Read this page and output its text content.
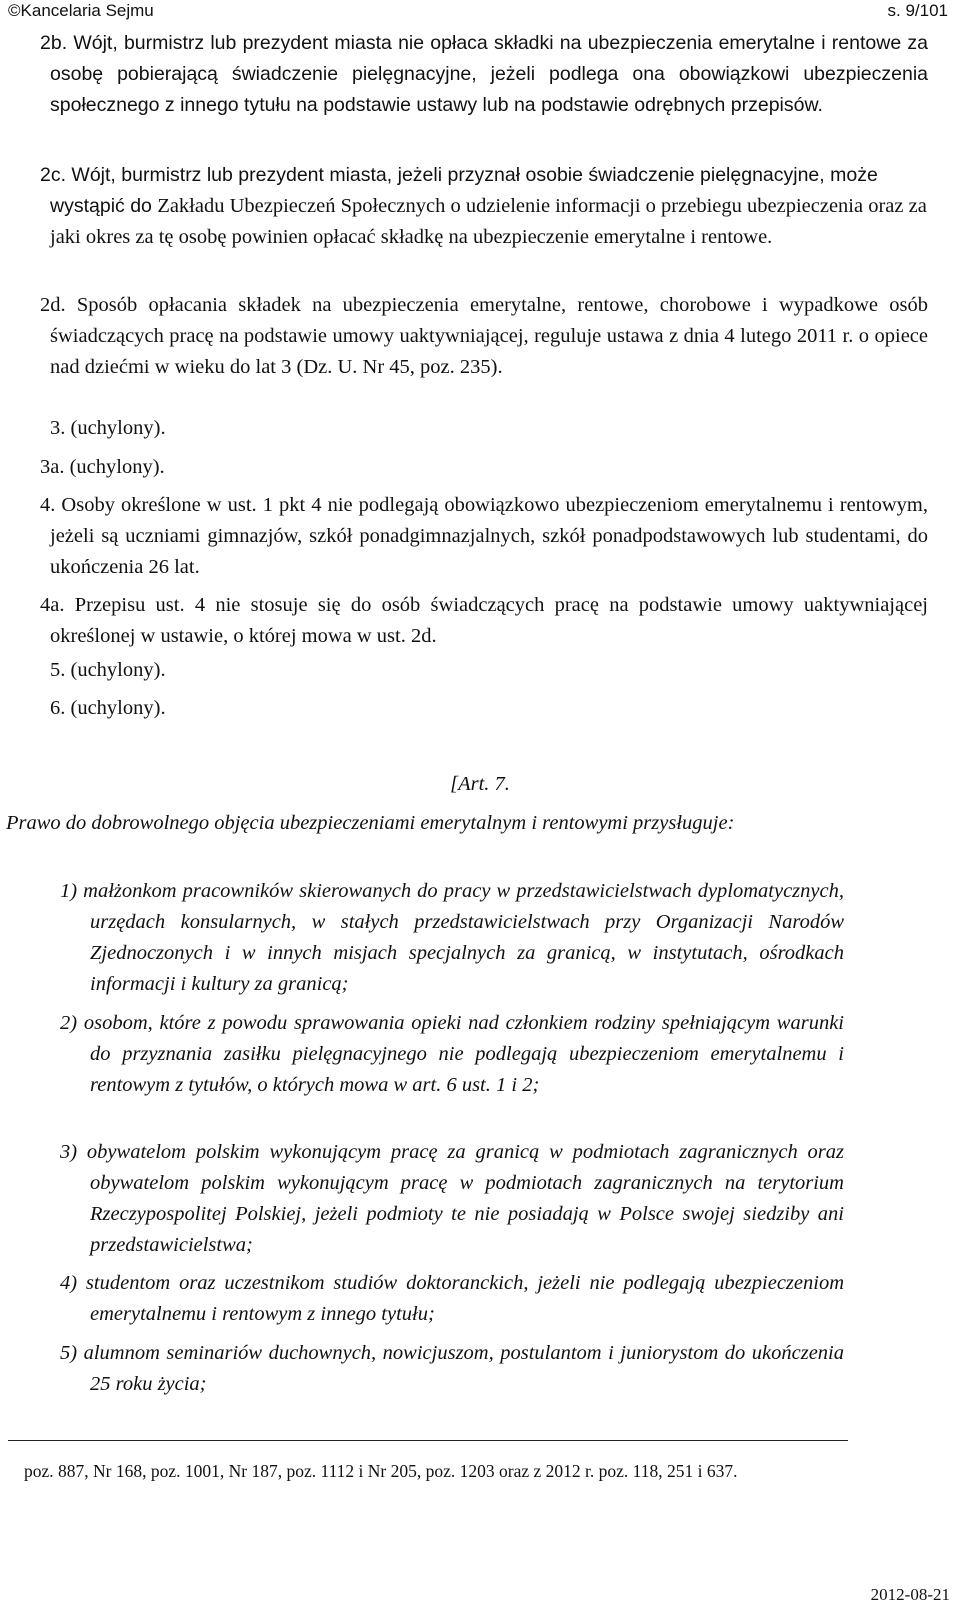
©Kancelaria Sejmu	s. 9/101

2b. Wójt, burmistrz lub prezydent miasta nie opłaca składki na ubezpieczenia emerytalne i rentowe za osobę pobierającą świadczenie pielęgnacyjne, jeżeli podlega ona obowiązkowi ubezpieczenia społecznego z innego tytułu na podstawie ustawy lub na podstawie odrębnych przepisów.

2c. Wójt, burmistrz lub prezydent miasta, jeżeli przyznał osobie świadczenie pielęgnacyjne, może wystąpić do Zakładu Ubezpieczeń Społecznych o udzielenie informacji o przebiegu ubezpieczenia oraz za jaki okres za tę osobę powinien opłacać składkę na ubezpieczenie emerytalne i rentowe.

2d. Sposób opłacania składek na ubezpieczenia emerytalne, rentowe, chorobowe i wypadkowe osób świadczących pracę na podstawie umowy uaktywniającej, reguluje ustawa z dnia 4 lutego 2011 r. o opiece nad dziećmi w wieku do lat 3 (Dz. U. Nr 45, poz. 235).

3. (uchylony).

3a. (uchylony).

4. Osoby określone w ust. 1 pkt 4 nie podlegają obowiązkowo ubezpieczeniom emerytalnemu i rentowym, jeżeli są uczniami gimnazjów, szkół ponadgimnazjalnych, szkół ponadpodstawowych lub studentami, do ukończenia 26 lat.

4a. Przepisu ust. 4 nie stosuje się do osób świadczących pracę na podstawie umowy uaktywniającej określonej w ustawie, o której mowa w ust. 2d.

5. (uchylony).

6. (uchylony).

[Art. 7.

Prawo do dobrowolnego objęcia ubezpieczeniami emerytalnym i rentowymi przysługuje:

1) małżonkom pracowników skierowanych do pracy w przedstawicielstwach dyplomatycznych, urzędach konsularnych, w stałych przedstawicielstwach przy Organizacji Narodów Zjednoczonych i w innych misjach specjalnych za granicą, w instytutach, ośrodkach informacji i kultury za granicą;

2) osobom, które z powodu sprawowania opieki nad członkiem rodziny spełniającym warunki do przyznania zasiłku pielęgnacyjnego nie podlegają ubezpieczeniom emerytalnemu i rentowym z tytułów, o których mowa w art. 6 ust. 1 i 2;

3) obywatelom polskim wykonującym pracę za granicą w podmiotach zagranicznych oraz obywatelom polskim wykonującym pracę w podmiotach zagranicznych na terytorium Rzeczypospolitej Polskiej, jeżeli podmioty te nie posiadają w Polsce swojej siedziby ani przedstawicielstwa;

4) studentom oraz uczestnikom studiów doktoranckich, jeżeli nie podlegają ubezpieczeniom emerytalnemu i rentowym z innego tytułu;

5) alumnom seminariów duchownych, nowicjuszom, postulantom i juniorystom do ukończenia 25 roku życia;

poz. 887, Nr 168, poz. 1001, Nr 187, poz. 1112 i Nr 205, poz. 1203 oraz z 2012 r. poz. 118, 251 i 637.

2012-08-21
